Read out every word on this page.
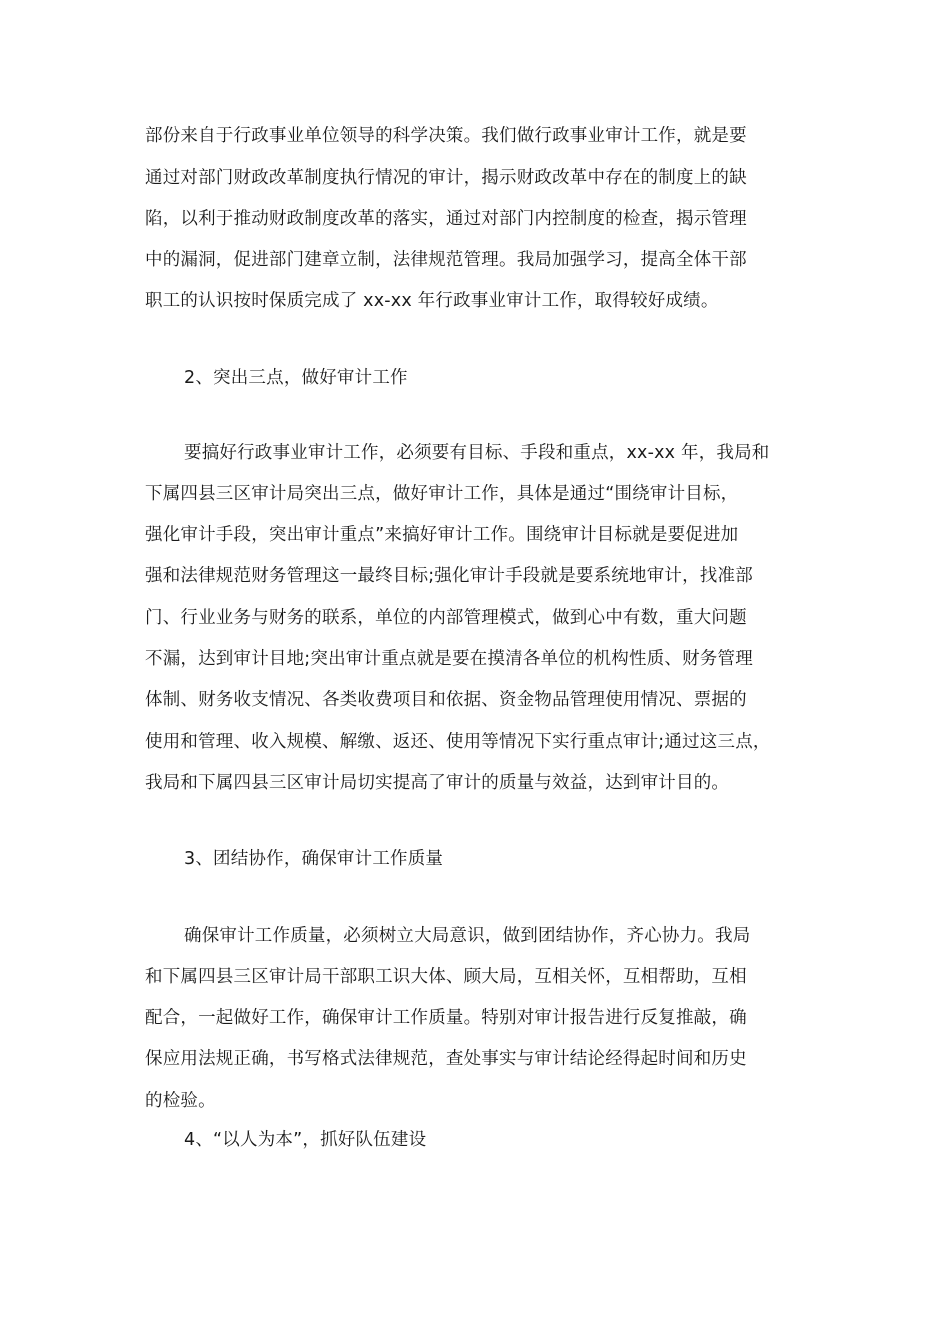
部份来自于行政事业单位领导的科学决策。我们做行政事业审计工作，就是要
通过对部门财政改革制度执行情况的审计，揭示财政改革中存在的制度上的缺
陷，以利于推动财政制度改革的落实，通过对部门内控制度的检查，揭示管理
中的漏洞，促进部门建章立制，法律规范管理。我局加强学习，提高全体干部
职工的认识按时保质完成了 xx-xx 年行政事业审计工作，取得较好成绩。
2、突出三点，做好审计工作
要搞好行政事业审计工作，必须要有目标、手段和重点，xx-xx 年，我局和
下属四县三区审计局突出三点，做好审计工作，具体是通过“围绕审计目标，
强化审计手段，突出审计重点”来搞好审计工作。围绕审计目标就是要促进加
强和法律规范财务管理这一最终目标;强化审计手段就是要系统地审计，找准部
门、行业业务与财务的联系，单位的内部管理模式，做到心中有数，重大问题
不漏，达到审计目地;突出审计重点就是要在摸清各单位的机构性质、财务管理
体制、财务收支情况、各类收费项目和依据、资金物品管理使用情况、票据的
使用和管理、收入规模、解缴、返还、使用等情况下实行重点审计;通过这三点，
我局和下属四县三区审计局切实提高了审计的质量与效益，达到审计目的。
3、团结协作，确保审计工作质量
确保审计工作质量，必须树立大局意识，做到团结协作，齐心协力。我局
和下属四县三区审计局干部职工识大体、顾大局，互相关怀，互相帮助，互相
配合，一起做好工作，确保审计工作质量。特别对审计报告进行反复推敲，确
保应用法规正确，书写格式法律规范，查处事实与审计结论经得起时间和历史
的检验。
4、“以人为本”，抓好队伍建设
